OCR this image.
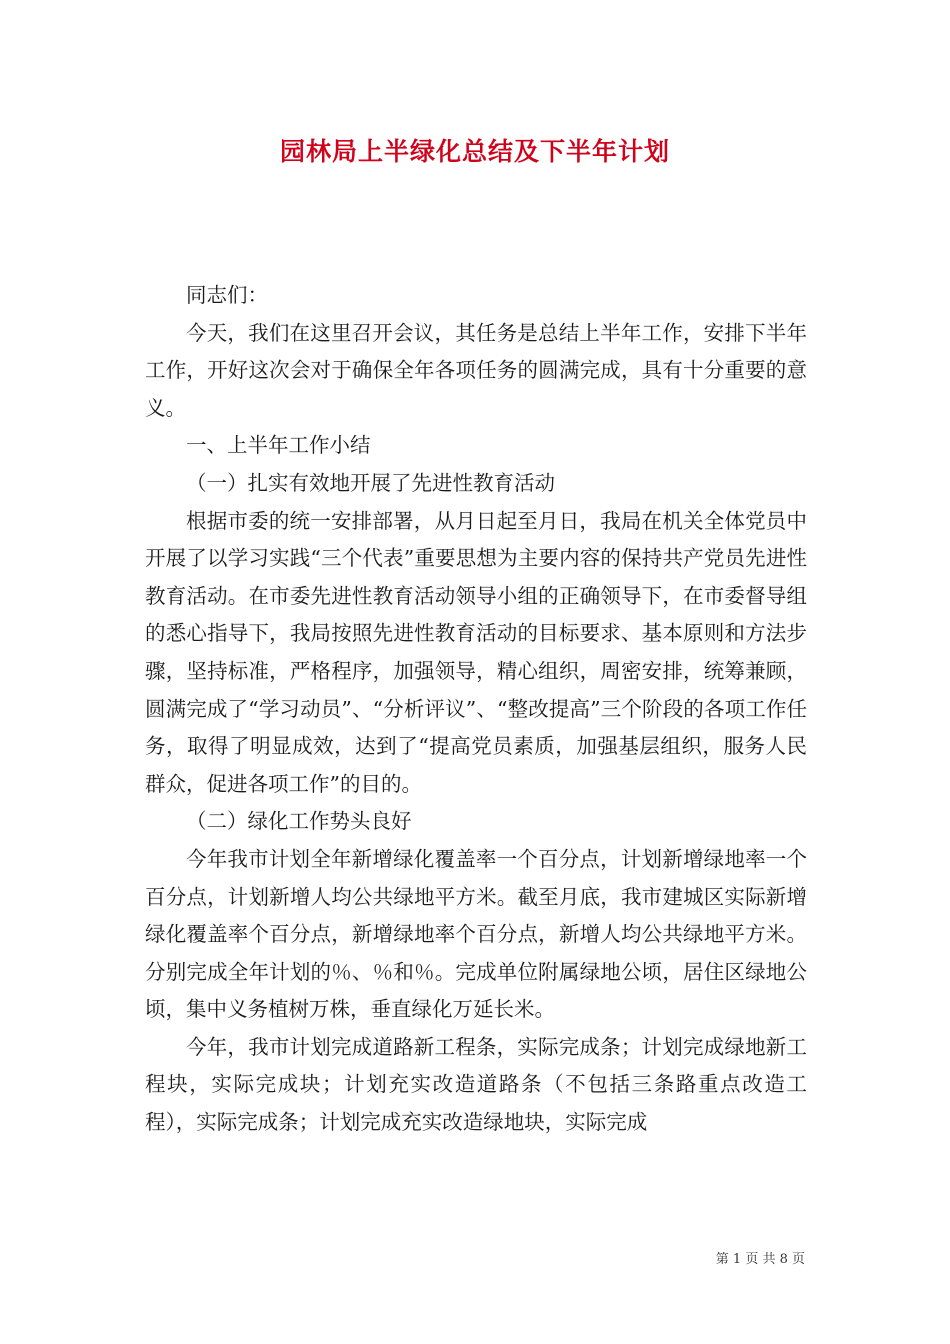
园林局上半绿化总结及下半年计划

同志们：

今天，我们在这里召开会议，其任务是总结上半年工作，安排下半年工作，开好这次会对于确保全年各项任务的圆满完成，具有十分重要的意义。

一、上半年工作小结

（一）扎实有效地开展了先进性教育活动

根据市委的统一安排部署，从月日起至月日，我局在机关全体党员中开展了以学习实践“三个代表”重要思想为主要内容的保持共产党员先进性教育活动。在市委先进性教育活动领导小组的正确领导下，在市委督导组的悉心指导下，我局按照先进性教育活动的目标要求、基本原则和方法步骤，坚持标准，严格程序，加强领导，精心组织，周密安排，统筹兼顾，圆满完成了“学习动员”、“分析评议”、“整改提高”三个阶段的各项工作任务，取得了明显成效，达到了“提高党员素质，加强基层组织，服务人民群众，促进各项工作”的目的。

（二）绿化工作势头良好

今年我市计划全年新增绿化覆盖率一个百分点，计划新增绿地率一个百分点，计划新增人均公共绿地平方米。截至月底，我市建城区实际新增绿化覆盖率个百分点，新增绿地率个百分点，新增人均公共绿地平方米。分别完成全年计划的％、％和％。完成单位附属绿地公顷，居住区绿地公顷，集中义务植树万株，垂直绿化万延长米。

今年，我市计划完成道路新工程条，实际完成条；计划完成绿地新工程块，实际完成块；计划充实改造道路条（不包括三条路重点改造工程），实际完成条；计划完成充实改造绿地块，实际完成

第 1 页 共 8 页
